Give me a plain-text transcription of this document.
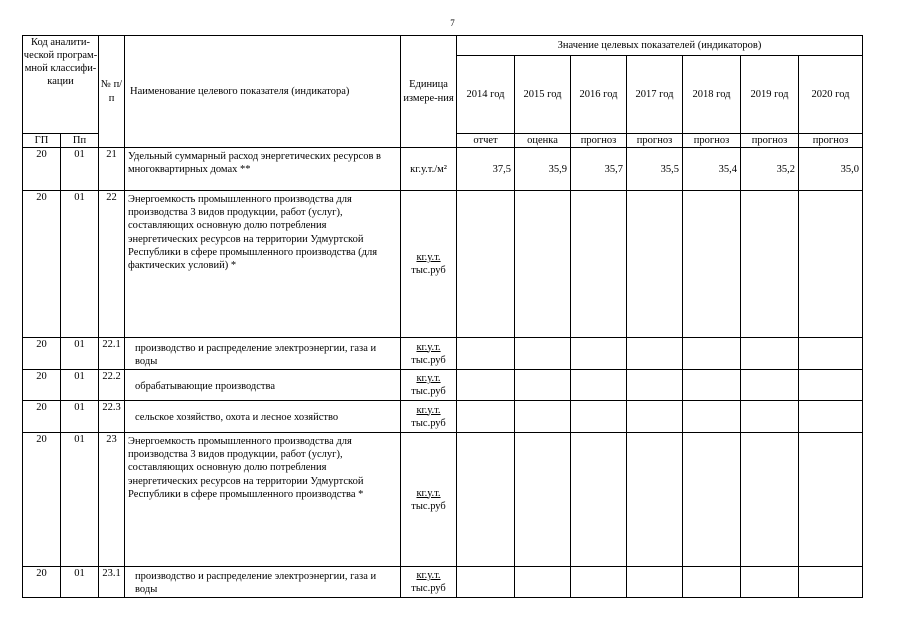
7
Код аналити-ческой програм-мной классифи-кации		№ п/п	Наименование целевого показателя (индикатора)	Единица измере-ния	Значение целевых показателей (индикаторов)						
					2014 год	2015 год	2016 год	2017 год	2018 год	2019 год	2020 год
ГП	Пп				отчет	оценка	прогноз	прогноз	прогноз	прогноз	прогноз
20	01	21	Удельный суммарный расход энергетических ресурсов в многоквартирных домах **	кг.у.т./м²	37,5	35,9	35,7	35,5	35,4	35,2	35,0
20	01	22	Энергоемкость промышленного производства для производства 3 видов продукции, работ (услуг), составляющих основную долю потребления энергетических ресурсов на территории Удмуртской Республики в сфере промышленного производства (для фактических условий) *	кг.у.т.
тыс.руб							
20	01	22.1	производство и распределение электроэнергии, газа и воды	кг.у.т.
тыс.руб							
20	01	22.2	обрабатывающие производства	кг.у.т.
тыс.руб							
20	01	22.3	сельское хозяйство, охота и лесное хозяйство	кг.у.т.
тыс.руб							
20	01	23	Энергоемкость промышленного производства для производства 3 видов продукции, работ (услуг), составляющих основную долю потребления энергетических ресурсов на территории Удмуртской Республики в сфере промышленного производства *	кг.у.т.
тыс.руб							
20	01	23.1	производство и распределение электроэнергии, газа и воды	кг.у.т.
тыс.руб							
